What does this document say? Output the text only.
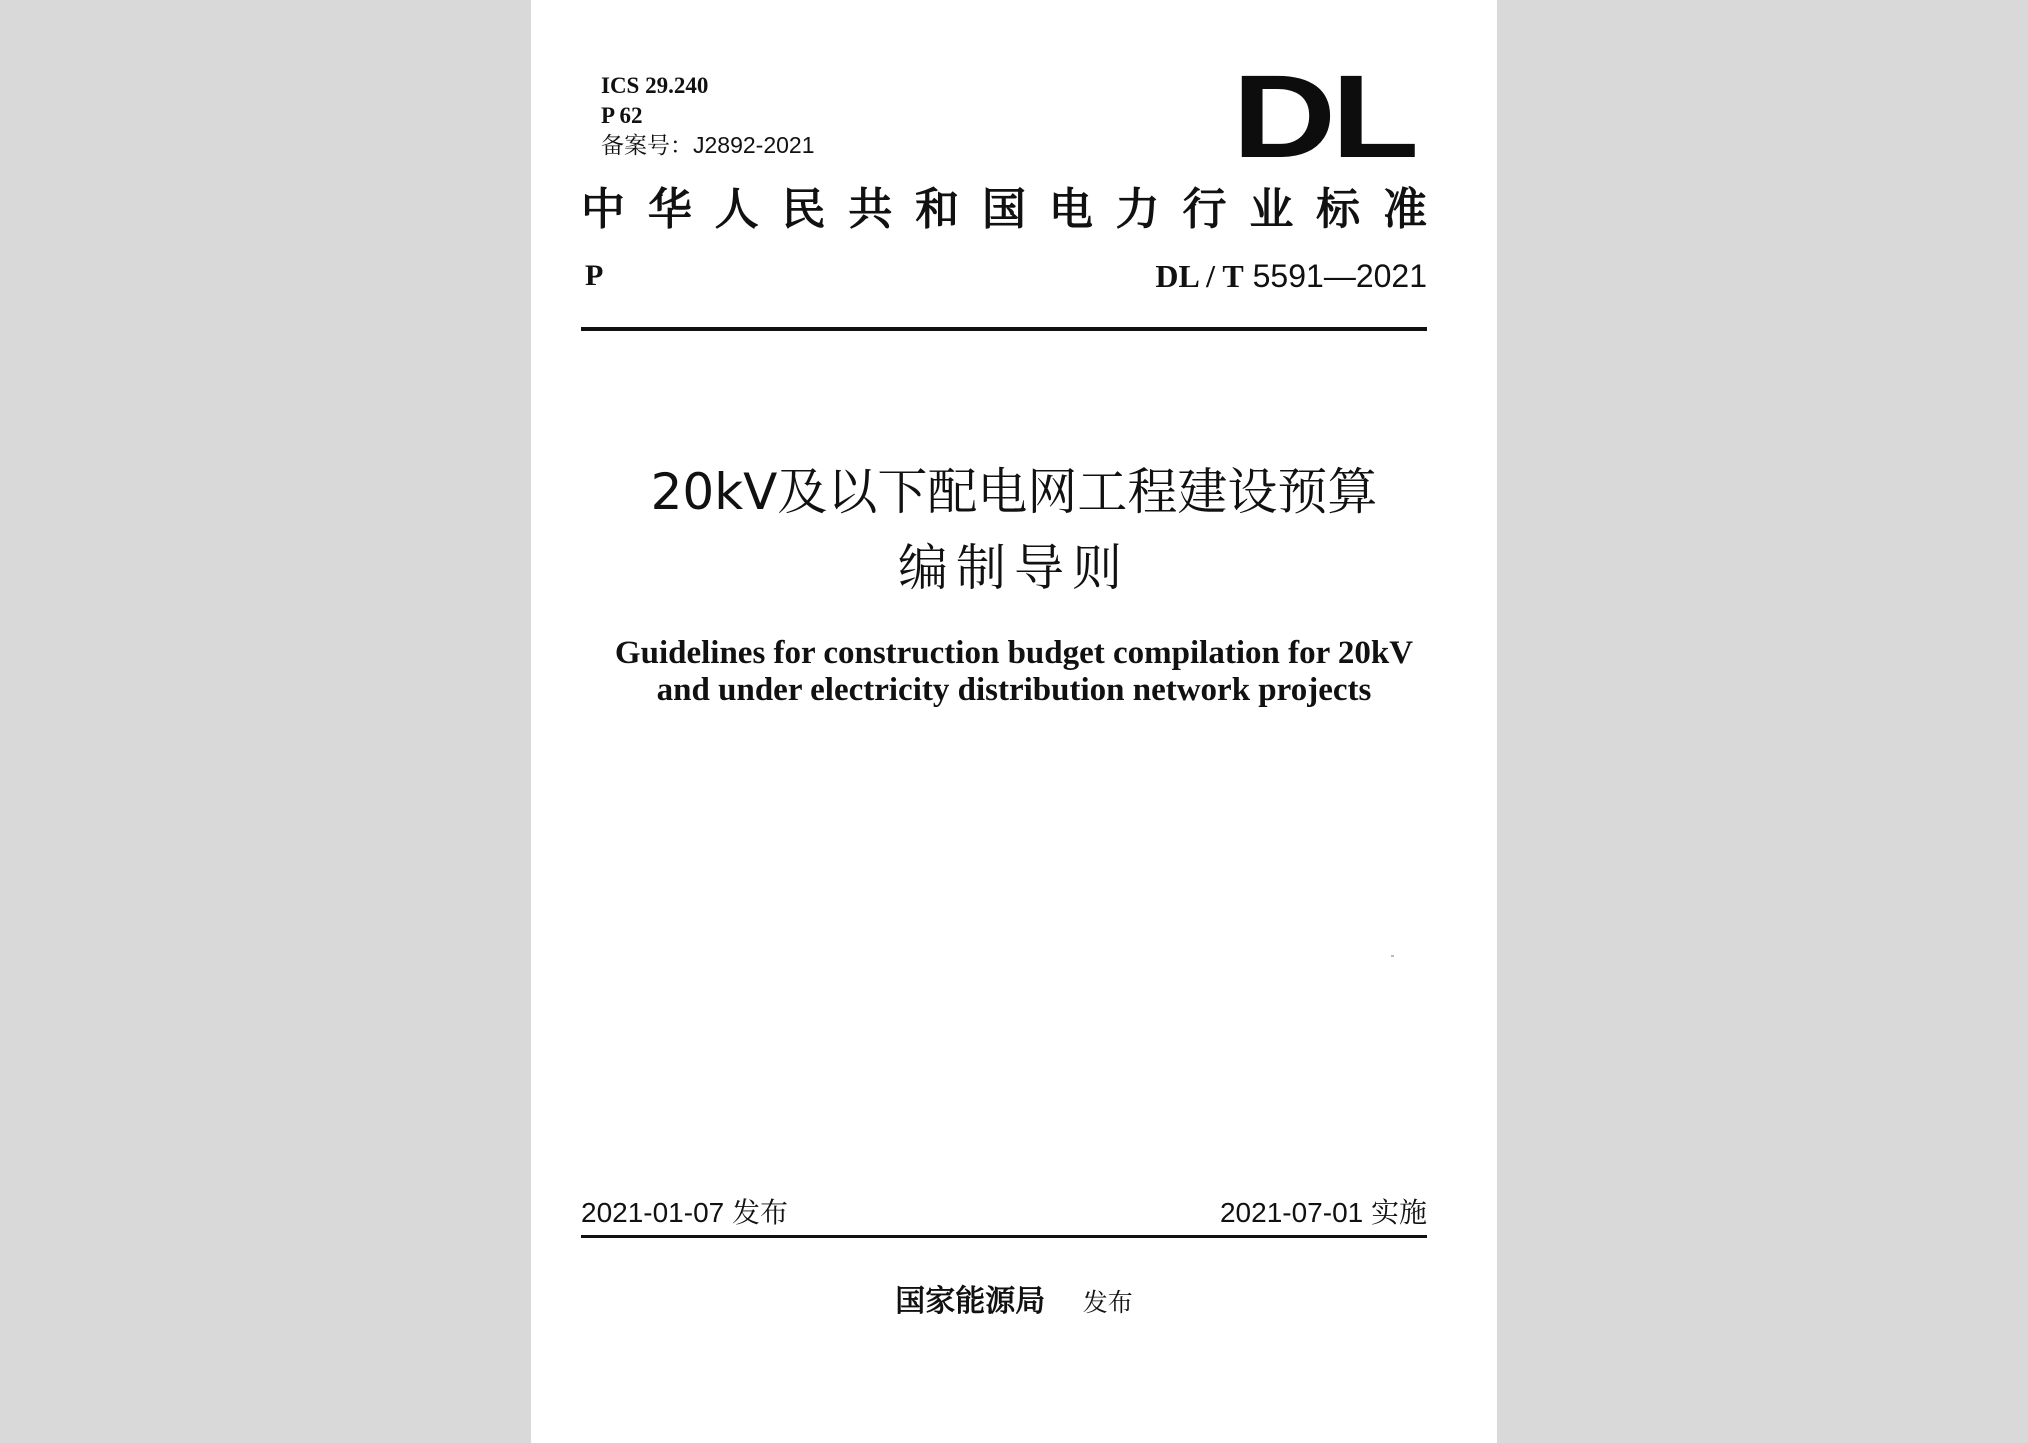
ICS 29.240
P 62
备案号：J2892-2021	DL
中华人民共和国电力行业标准
P	DL / T 5591—2021
20kV及以下配电网工程建设预算
编制导则
Guidelines for construction budget compilation for 20kV
and under electricity distribution network projects
2021-01-07 发布	2021-07-01 实施
国家能源局 发布
